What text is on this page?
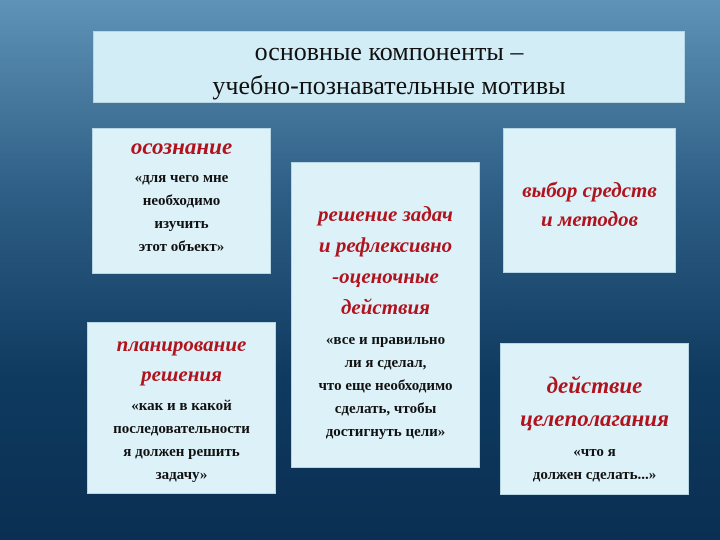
основные компоненты –
учебно-познавательные мотивы
осознание
«для чего мне
необходимо
изучить
этот объект»
решение задач
и рефлексивно
-оценочные
действия
«все и правильно
ли я сделал,
что еще необходимо
сделать, чтобы
достигнуть цели»
выбор средств
и методов
планирование
решения
«как и в какой
последовательности
я должен решить
задачу»
действие
целеполагания
«что я
должен сделать...»
